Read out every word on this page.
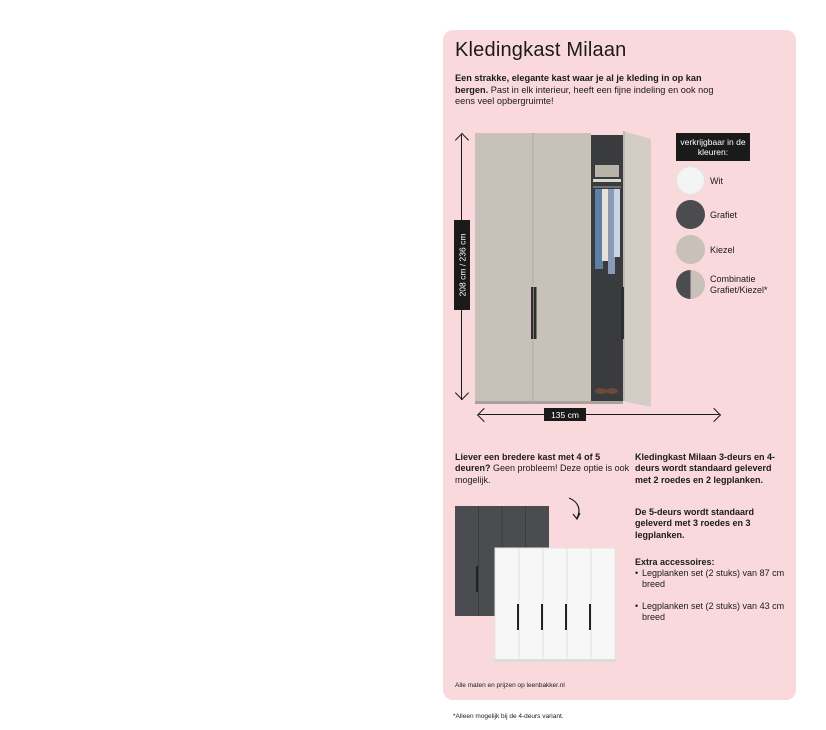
Kledingkast Milaan
Een strakke, elegante kast waar je al je kleding in op kan bergen. Past in elk interieur, heeft een fijne indeling en ook nog eens veel opbergruimte!
208 cm / 236 cm
135 cm
verkrijgbaar in de kleuren:
Wit
Grafiet
Kiezel
Combinatie Grafiet/Kiezel*
Liever een bredere kast met 4 of 5 deuren? Geen probleem! Deze optie is ook mogelijk.
Kledingkast Milaan 3-deurs en 4-deurs wordt standaard geleverd met 2 roedes en 2 legplanken.
De 5-deurs wordt standaard geleverd met 3 roedes en 3 legplanken.
Extra accessoires:
• Legplanken set (2 stuks) van 87 cm breed
• Legplanken set (2 stuks) van 43 cm breed
Alle maten en prijzen op leenbakker.nl
*Alleen mogelijk bij de 4-deurs variant.
